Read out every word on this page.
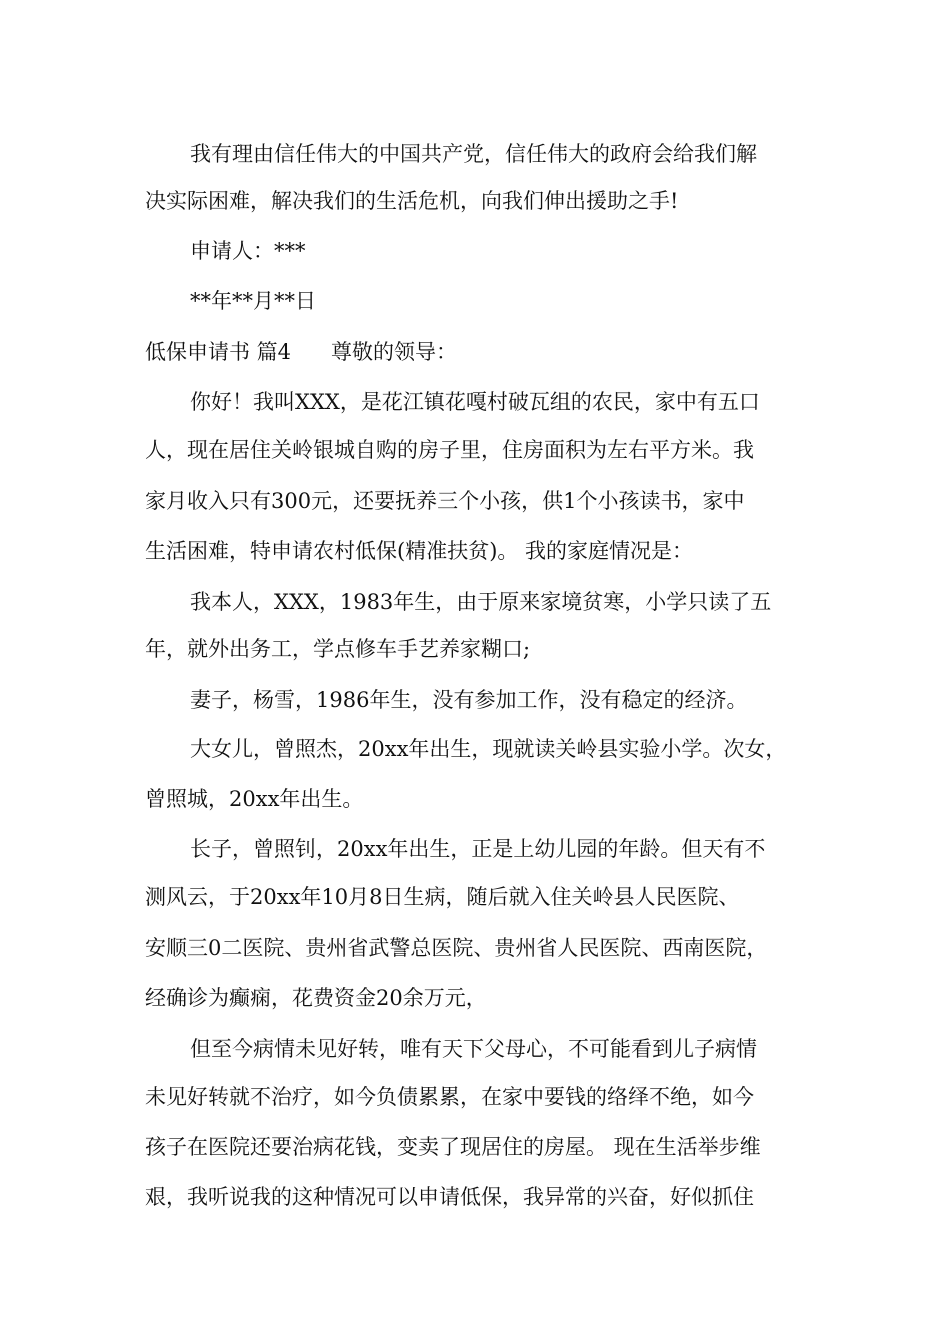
我有理由信任伟大的中国共产党，信任伟大的政府会给我们解

决实际困难，解决我们的生活危机，向我们伸出援助之手!

申请人：***

**年**月**日

低保申请书 篇4 尊敬的领导：

你好！我叫XXX，是花江镇花嘎村破瓦组的农民，家中有五口

人，现在居住关岭银城自购的房子里，住房面积为左右平方米。我

家月收入只有300元，还要抚养三个小孩，供1个小孩读书，家中

生活困难，特申请农村低保(精准扶贫)。 我的家庭情况是：

我本人，XXX，1983年生，由于原来家境贫寒，小学只读了五

年，就外出务工，学点修车手艺养家糊口;

妻子，杨雪，1986年生，没有参加工作，没有稳定的经济。

大女儿，曾照杰，20xx年出生，现就读关岭县实验小学。次女，

曾照城，20xx年出生。

长子，曾照钊，20xx年出生，正是上幼儿园的年龄。但天有不

测风云，于20xx年10月8日生病，随后就入住关岭县人民医院、

安顺三0二医院、贵州省武警总医院、贵州省人民医院、西南医院，

经确诊为癫痫，花费资金20余万元，

但至今病情未见好转，唯有天下父母心，不可能看到儿子病情

未见好转就不治疗，如今负债累累，在家中要钱的络绎不绝，如今

孩子在医院还要治病花钱，变卖了现居住的房屋。 现在生活举步维

艰，我听说我的这种情况可以申请低保，我异常的兴奋，好似抓住
